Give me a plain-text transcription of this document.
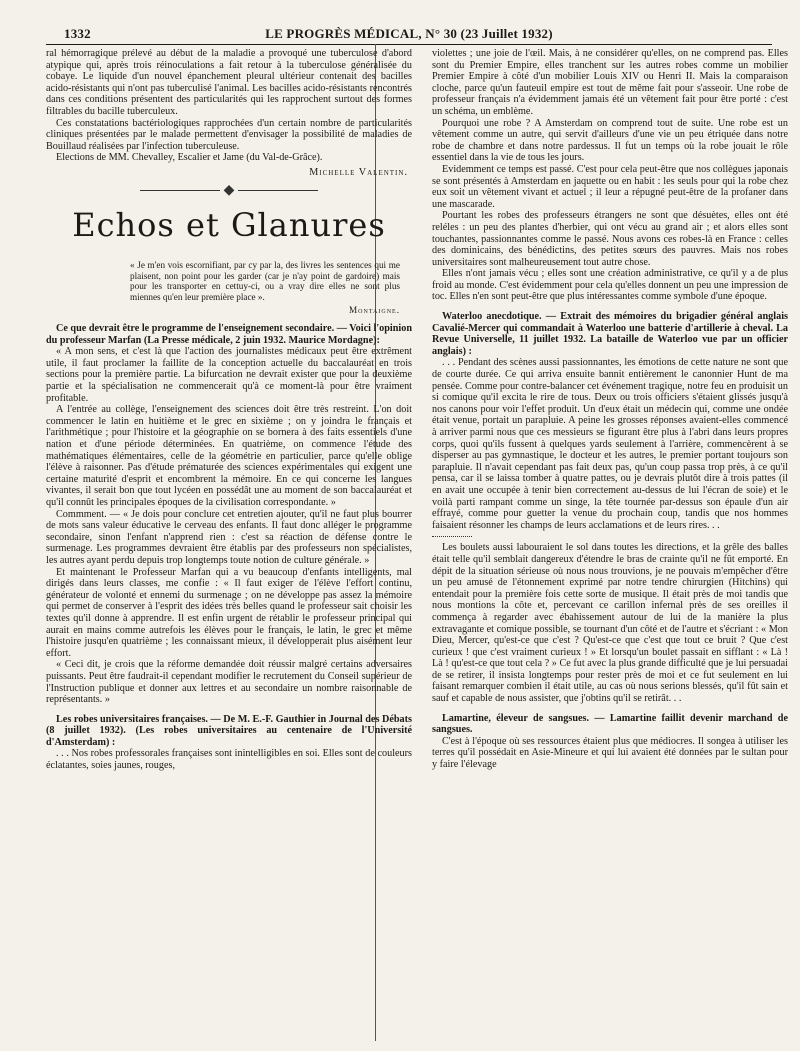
1332	LE PROGRÈS MÉDICAL, N° 30 (23 Juillet 1932)

ral hémorragique prélevé au début de la maladie a provoqué une tuberculose d'abord atypique qui, après trois réinoculations a fait retour à la tuberculose généralisée du cobaye. Le liquide d'un nouvel épanchement pleural ultérieur contenait des bacilles acido-résistants qui n'ont pas tuberculisé l'animal. Les bacilles acido-résistants rencontrés dans ces conditions présentent des particularités qui les rapprochent surtout des formes filtrables du bacille tuberculeux.

Ces constatations bactériologiques rapprochées d'un certain nombre de particularités cliniques présentées par le malade permettent d'envisager la possibilité de maladies de Bouillaud réalisées par l'infection tuberculeuse.

Elections de MM. Chevalley, Escalier et Jame (du Val-de-Grâce).

Michelle Valentin.
◆
Echos et Glanures

« Je m'en vois escornifiant, par cy par la, des livres les sentences qui me plaisent, non point pour les garder (car je n'ay point de gardoire) mais pour les transporter en cettuy-ci, ou a vray dire elles ne sont plus miennes qu'en leur première place ».

Montaigne.

Ce que devrait être le programme de l'enseignement secondaire. — Voici l'opinion du professeur Marfan (La Presse médicale, 2 juin 1932. Maurice Mordagne):

« A mon sens, et c'est là que l'action des journalistes médicaux peut être extrêment utile, il faut proclamer la faillite de la conception actuelle du baccalauréat en trois sections pour la première partie. La bifurcation ne devrait exister que pour la deuxième partie et la spécialisation ne commencerait qu'à ce moment-là pour être vraiment profitable.

A l'entrée au collège, l'enseignement des sciences doit être très restreint. L'on doit commencer le latin en huitième et le grec en sixième ; on y joindra le français et l'arithmétique ; pour l'histoire et la géographie on se bornera à des faits essentiels d'une nation et d'une période déterminées. En quatrième, on commence l'étude des mathématiques élémentaires, celle de la géométrie en particulier, parce qu'elle oblige l'élève à raisonner. Pas d'étude prématurée des sciences expérimentales qui exigent une certaine maturité d'esprit et encombrent la mémoire. En ce qui concerne les langues vivantes, il serait bon que tout lycéen en possédât une au moment de son baccalauréat et qu'il connût les principales époques de la civilisation correspondante. »

Commment. — « Je dois pour conclure cet entretien ajouter, qu'il ne faut plus bourrer de mots sans valeur éducative le cerveau des enfants. Il faut donc alléger le programme secondaire, sinon l'enfant n'apprend rien : c'est sa réaction de défense contre le surmenage. Les programmes devraient être établis par des professeurs non spécialistes, les autres ayant perdu depuis trop longtemps toute notion de culture générale. »

Et maintenant le Professeur Marfan qui a vu beaucoup d'enfants intelligents, mal dirigés dans leurs classes, me confie : « Il faut exiger de l'élève l'effort continu, générateur de volonté et ennemi du surmenage ; on ne développe pas assez la mémoire qui permet de conserver à l'esprit des idées très belles quand le professeur sait choisir les textes qu'il donne à apprendre. Il est enfin urgent de rétablir le professeur principal qui aurait en mains comme autrefois les élèves pour le français, le latin, le grec et même l'histoire jusqu'en quatrième ; les connaissant mieux, il développerait plus aisément leur effort.

« Ceci dit, je crois que la réforme demandée doit réussir malgré certains adversaires puissants. Peut être faudrait-il cependant modifier le recrutement du Conseil supérieur de l'Instruction publique et donner aux lettres et au secondaire un nombre raisonnable de représentants. »

Les robes universitaires françaises. — De M. E.-F. Gauthier in Journal des Débats (8 juillet 1932). (Les robes universitaires au centenaire de l'Université d'Amsterdam) :

. . . Nos robes professorales françaises sont inintelligibles en soi. Elles sont de couleurs éclatantes, soies jaunes, rouges,

violettes ; une joie de l'œil. Mais, à ne considérer qu'elles, on ne comprend pas. Elles sont du Premier Empire, elles tranchent sur les autres robes comme un mobilier Premier Empire à côté d'un mobilier Louis XIV ou Henri II. Mais la comparaison cloche, parce qu'un fauteuil empire est tout de même fait pour s'asseoir. Une robe de professeur français n'a évidemment jamais été un vêtement fait pour être porté : c'est un schéma, un emblème.

Pourquoi une robe ? A Amsterdam on comprend tout de suite. Une robe est un vêtement comme un autre, qui servit d'ailleurs d'une vie un peu étriquée dans notre robe de chambre et dans notre pardessus. Il fut un temps où la robe jouait le rôle essentiel dans la vie de tous les jours.

Evidemment ce temps est passé. C'est pour cela peut-être que nos collègues japonais se sont présentés à Amsterdam en jaquette ou en habit : les seuls pour qui la robe chez eux soit un vêtement vivant et actuel ; il leur a répugné peut-être de la profaner dans une mascarade.

Pourtant les robes des professeurs étrangers ne sont que désuètes, elles ont été reléles : un peu des plantes d'herbier, qui ont vécu au grand air ; et alors elles sont touchantes, passionnantes comme le passé. Nous avons ces robes-là en France : celles des dominicains, des bénédictins, des petites sœurs des pauvres. Mais nos robes universitaires sont malheureusement tout autre chose.

Elles n'ont jamais vécu ; elles sont une création administrative, ce qu'il y a de plus froid au monde. C'est évidemment pour cela qu'elles donnent un peu une impression de toc. Elles n'en sont peut-être que plus intéressantes comme symbole d'une époque.

Waterloo anecdotique. — Extrait des mémoires du brigadier général anglais Cavalié-Mercer qui commandait à Waterloo une batterie d'artillerie à cheval. La Revue Universelle, 11 juillet 1932. La bataille de Waterloo vue par un officier anglais) :

. . . Pendant des scènes aussi passionnantes, les émotions de cette nature ne sont que de courte durée. Ce qui arriva ensuite bannit entièrement le canonnier Hunt de ma pensée. Comme pour contre-balancer cet événement tragique, notre feu en produisit un si comique qu'il excita le rire de tous. Deux ou trois officiers s'étaient glissés jusqu'à nos canons pour voir l'effet produit. Un d'eux était un médecin qui, comme une ondée était venue, portait un parapluie. A peine les grosses réponses avaient-elles commencé à arriver parmi nous que ces messieurs se figurant être plus à l'abri dans leurs propres corps, quoi qu'ils fussent à quelques yards seulement à l'arrière, commencèrent à se disperser au pas gymnastique, le docteur et les autres, le premier portant toujours son parapluie. Il n'avait cependant pas fait deux pas, qu'un coup passa trop près, à ce qu'il pensa, car il se laissa tomber à quatre pattes, ou je devrais plutôt dire à trois pattes (il en avait une occupée à tenir bien correctement au-dessus de lui l'écran de soie) et le voilà parti rampant comme un singe, la tête tournée par-dessus son épaule d'un air effrayé, comme pour guetter la venue du prochain coup, tandis que nos hommes faisaient résonner les champs de leurs acclamations et de leurs rires. . .

Les boulets aussi labouraient le sol dans toutes les directions, et la grêle des balles était telle qu'il semblait dangereux d'étendre le bras de crainte qu'il ne fût emporté. En dépit de la situation sérieuse où nous nous trouvions, je ne pouvais m'empêcher d'être un peu amusé de l'étonnement exprimé par notre tendre chirurgien (Hitchins) qui entendait pour la première fois cette sorte de musique. Il était près de moi tandis que nous montions la côte et, percevant ce carillon infernal près de ses oreilles il commença à regarder avec ébahissement autour de lui de la manière la plus extravagante et comique possible, se tournant d'un côté et de l'autre et s'écriant : « Mon Dieu, Mercer, qu'est-ce que c'est ? Qu'est-ce que c'est que tout ce bruit ? Que c'est curieux ! que c'est vraiment curieux ! » Et lorsqu'un boulet passait en sifflant : « Là ! Là ! qu'est-ce que tout cela ? » Ce fut avec la plus grande difficulté que je lui persuadai de se retirer, il insista longtemps pour rester près de moi et ce fut seulement en lui faisant remarquer combien il était utile, au cas où nous serions blessés, qu'il fût sain et sauf et capable de nous assister, que j'obtins qu'il se retirât. . .

Lamartine, éleveur de sangsues. — Lamartine faillit devenir marchand de sangsues.

C'est à l'époque où ses ressources étaient plus que médiocres. Il songea à utiliser les terres qu'il possédait en Asie-Mineure et qui lui avaient été données par le sultan pour y faire l'élevage
